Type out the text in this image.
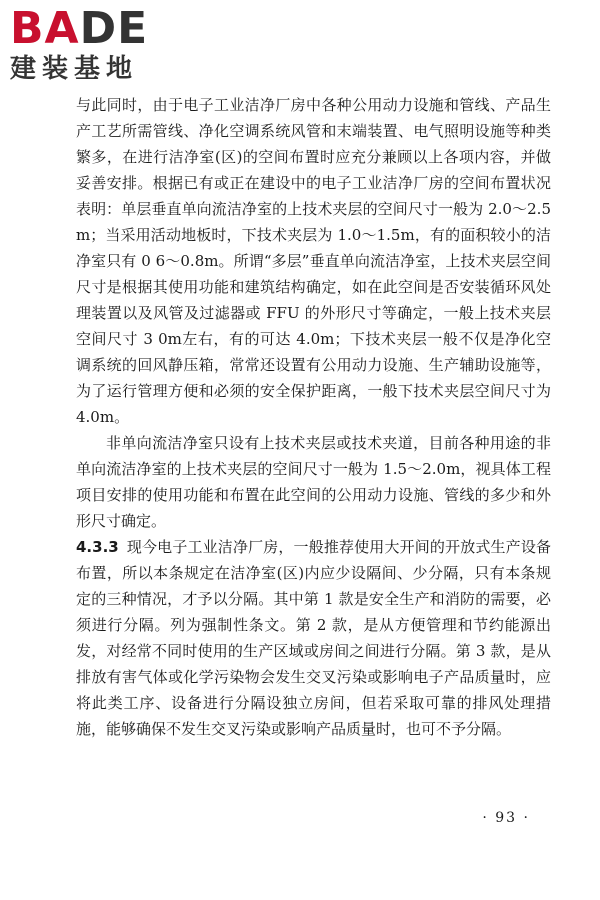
BADE
建装基地

与此同时，由于电子工业洁净厂房中各种公用动力设施和管线、产品生产工艺所需管线、净化空调系统风管和末端装置、电气照明设施等种类繁多，在进行洁净室(区)的空间布置时应充分兼顾以上各项内容，并做妥善安排。根据已有或正在建设中的电子工业洁净厂房的空间布置状况表明：单层垂直单向流洁净室的上技术夹层的空间尺寸一般为 2.0～2.5m；当采用活动地板时，下技术夹层为 1.0～1.5m，有的面积较小的洁净室只有 0 6～0.8m。所谓“多层”垂直单向流洁净室，上技术夹层空间尺寸是根据其使用功能和建筑结构确定，如在此空间是否安装循环风处理装置以及风管及过滤器或 FFU 的外形尺寸等确定，一般上技术夹层空间尺寸 3 0m左右，有的可达 4.0m；下技术夹层一般不仅是净化空调系统的回风静压箱，常常还设置有公用动力设施、生产辅助设施等，为了运行管理方便和必须的安全保护距离，一般下技术夹层空间尺寸为 4.0m。

非单向流洁净室只设有上技术夹层或技术夹道，目前各种用途的非单向流洁净室的上技术夹层的空间尺寸一般为 1.5～2.0m，视具体工程项目安排的使用功能和布置在此空间的公用动力设施、管线的多少和外形尺寸确定。

4.3.3 现今电子工业洁净厂房，一般推荐使用大开间的开放式生产设备布置，所以本条规定在洁净室(区)内应少设隔间、少分隔，只有本条规定的三种情况，才予以分隔。其中第 1 款是安全生产和消防的需要，必须进行分隔。列为强制性条文。第 2 款，是从方便管理和节约能源出发，对经常不同时使用的生产区域或房间之间进行分隔。第 3 款，是从排放有害气体或化学污染物会发生交叉污染或影响电子产品质量时，应将此类工序、设备进行分隔设独立房间，但若采取可靠的排风处理措施，能够确保不发生交叉污染或影响产品质量时，也可不予分隔。

· 93 ·
